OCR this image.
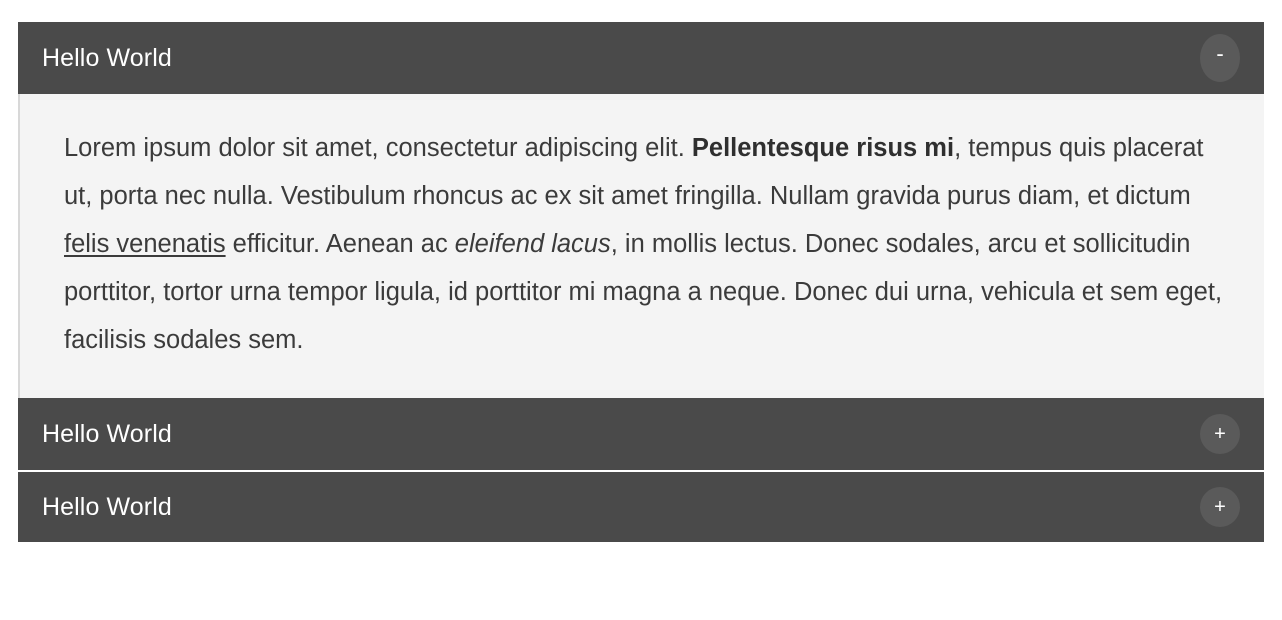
Hello World	-

Lorem ipsum dolor sit amet, consectetur adipiscing elit. Pellentesque risus mi, tempus quis placerat ut, porta nec nulla. Vestibulum rhoncus ac ex sit amet fringilla. Nullam gravida purus diam, et dictum felis venenatis efficitur. Aenean ac eleifend lacus, in mollis lectus. Donec sodales, arcu et sollicitudin porttitor, tortor urna tempor ligula, id porttitor mi magna a neque. Donec dui urna, vehicula et sem eget, facilisis sodales sem.

Hello World	+
Hello World	+
